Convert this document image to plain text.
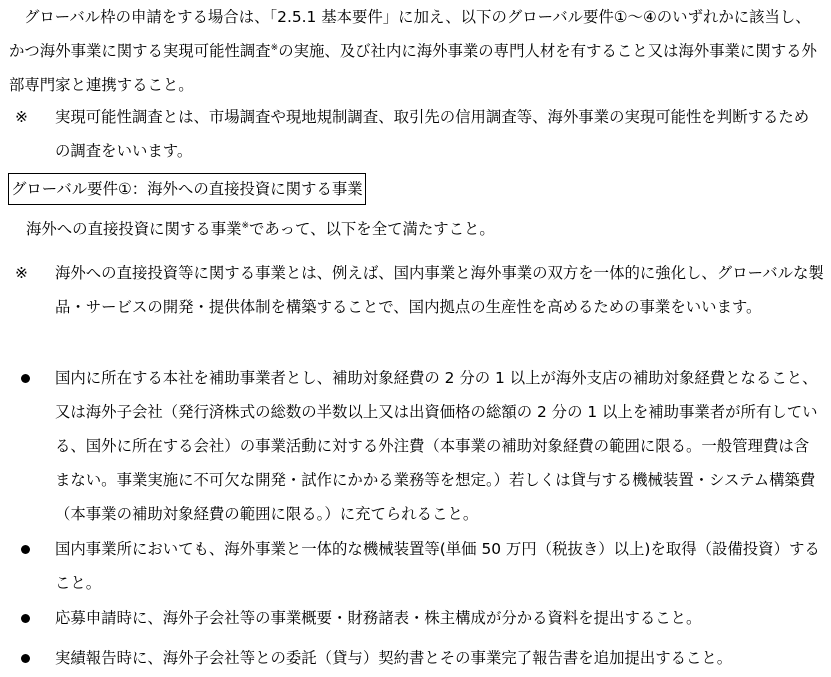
グローバル枠の申請をする場合は、「2.5.1 基本要件」に加え、以下のグローバル要件①～④のいずれかに該当し、かつ海外事業に関する実現可能性調査※の実施、及び社内に海外事業の専門人材を有すること又は海外事業に関する外部専門家と連携すること。

※ 実現可能性調査とは、市場調査や現地規制調査、取引先の信用調査等、海外事業の実現可能性を判断するための調査をいいます。
グローバル要件①：海外への直接投資に関する事業

海外への直接投資に関する事業※であって、以下を全て満たすこと。

※ 海外への直接投資等に関する事業とは、例えば、国内事業と海外事業の双方を一体的に強化し、グローバルな製品・サービスの開発・提供体制を構築することで、国内拠点の生産性を高めるための事業をいいます。
国内に所在する本社を補助事業者とし、補助対象経費の 2 分の 1 以上が海外支店の補助対象経費となること、又は海外子会社（発行済株式の総数の半数以上又は出資価格の総額の 2 分の 1 以上を補助事業者が所有している、国外に所在する会社）の事業活動に対する外注費（本事業の補助対象経費の範囲に限る。一般管理費は含まない。事業実施に不可欠な開発・試作にかかる業務等を想定。）若しくは貸与する機械装置・システム構築費（本事業の補助対象経費の範囲に限る。）に充てられること。
国内事業所においても、海外事業と一体的な機械装置等(単価 50 万円（税抜き）以上)を取得（設備投資）すること。
応募申請時に、海外子会社等の事業概要・財務諸表・株主構成が分かる資料を提出すること。
実績報告時に、海外子会社等との委託（貸与）契約書とその事業完了報告書を追加提出すること。
